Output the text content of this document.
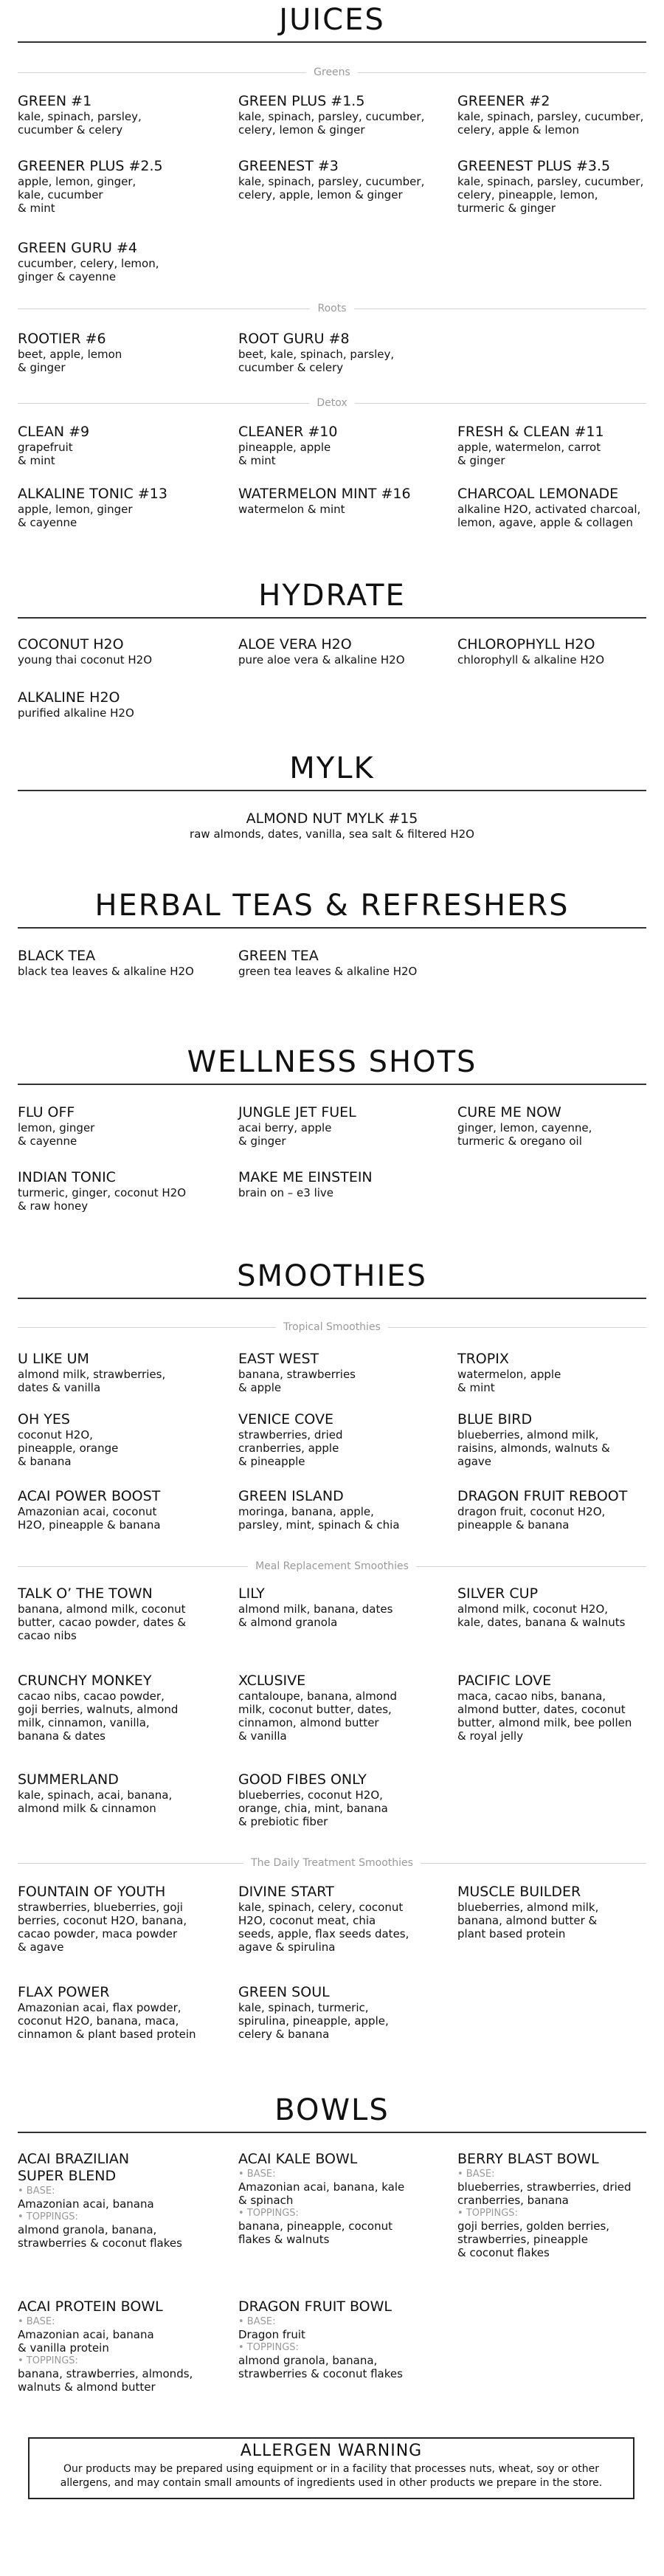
JUICES
Greens
GREEN #1
kale, spinach, parsley,
cucumber & celery
GREEN PLUS #1.5
kale, spinach, parsley, cucumber,
celery, lemon & ginger
GREENER #2
kale, spinach, parsley, cucumber,
celery, apple & lemon
GREENER PLUS #2.5
apple, lemon, ginger,
kale, cucumber
& mint
GREENEST #3
kale, spinach, parsley, cucumber,
celery, apple, lemon & ginger
GREENEST PLUS #3.5
kale, spinach, parsley, cucumber,
celery, pineapple, lemon,
turmeric & ginger
GREEN GURU #4
cucumber, celery, lemon,
ginger & cayenne
Roots
ROOTIER #6
beet, apple, lemon
& ginger
ROOT GURU #8
beet, kale, spinach, parsley,
cucumber & celery
Detox
CLEAN #9
grapefruit
& mint
CLEANER #10
pineapple, apple
& mint
FRESH & CLEAN #11
apple, watermelon, carrot
& ginger
ALKALINE TONIC #13
apple, lemon, ginger
& cayenne
WATERMELON MINT #16
watermelon & mint
CHARCOAL LEMONADE
alkaline H2O, activated charcoal,
lemon, agave, apple & collagen
HYDRATE
COCONUT H2O
young thai coconut H2O
ALOE VERA H2O
pure aloe vera & alkaline H2O
CHLOROPHYLL H2O
chlorophyll & alkaline H2O
ALKALINE H2O
purified alkaline H2O
MYLK
ALMOND NUT MYLK #15
raw almonds, dates, vanilla, sea salt & filtered H2O
HERBAL TEAS & REFRESHERS
BLACK TEA
black tea leaves & alkaline H2O
GREEN TEA
green tea leaves & alkaline H2O
WELLNESS SHOTS
FLU OFF
lemon, ginger
& cayenne
JUNGLE JET FUEL
acai berry, apple
& ginger
CURE ME NOW
ginger, lemon, cayenne,
turmeric & oregano oil
INDIAN TONIC
turmeric, ginger, coconut H2O
& raw honey
MAKE ME EINSTEIN
brain on – e3 live
SMOOTHIES
Tropical Smoothies
U LIKE UM
almond milk, strawberries,
dates & vanilla
EAST WEST
banana, strawberries
& apple
TROPIX
watermelon, apple
& mint
OH YES
coconut H2O,
pineapple, orange
& banana
VENICE COVE
strawberries, dried
cranberries, apple
& pineapple
BLUE BIRD
blueberries, almond milk,
raisins, almonds, walnuts &
agave
ACAI POWER BOOST
Amazonian acai, coconut
H2O, pineapple & banana
GREEN ISLAND
moringa, banana, apple,
parsley, mint, spinach & chia
DRAGON FRUIT REBOOT
dragon fruit, coconut H2O,
pineapple & banana
Meal Replacement Smoothies
TALK O’ THE TOWN
banana, almond milk, coconut
butter, cacao powder, dates &
cacao nibs
LILY
almond milk, banana, dates
& almond granola
SILVER CUP
almond milk, coconut H2O,
kale, dates, banana & walnuts
CRUNCHY MONKEY
cacao nibs, cacao powder,
goji berries, walnuts, almond
milk, cinnamon, vanilla,
banana & dates
XCLUSIVE
cantaloupe, banana, almond
milk, coconut butter, dates,
cinnamon, almond butter
& vanilla
PACIFIC LOVE
maca, cacao nibs, banana,
almond butter, dates, coconut
butter, almond milk, bee pollen
& royal jelly
SUMMERLAND
kale, spinach, acai, banana,
almond milk & cinnamon
GOOD FIBES ONLY
blueberries, coconut H2O,
orange, chia, mint, banana
& prebiotic fiber
The Daily Treatment Smoothies
FOUNTAIN OF YOUTH
strawberries, blueberries, goji
berries, coconut H2O, banana,
cacao powder, maca powder
& agave
DIVINE START
kale, spinach, celery, coconut
H2O, coconut meat, chia
seeds, apple, flax seeds dates,
agave & spirulina
MUSCLE BUILDER
blueberries, almond milk,
banana, almond butter &
plant based protein
FLAX POWER
Amazonian acai, flax powder,
coconut H2O, banana, maca,
cinnamon & plant based protein
GREEN SOUL
kale, spinach, turmeric,
spirulina, pineapple, apple,
celery & banana
BOWLS
ACAI BRAZILIAN
SUPER BLEND
• BASE:
Amazonian acai, banana
• TOPPINGS:
almond granola, banana,
strawberries & coconut flakes
ACAI KALE BOWL
• BASE:
Amazonian acai, banana, kale
& spinach
• TOPPINGS:
banana, pineapple, coconut
flakes & walnuts
BERRY BLAST BOWL
• BASE:
blueberries, strawberries, dried
cranberries, banana
• TOPPINGS:
goji berries, golden berries,
strawberries, pineapple
& coconut flakes
ACAI PROTEIN BOWL
• BASE:
Amazonian acai, banana
& vanilla protein
• TOPPINGS:
banana, strawberries, almonds,
walnuts & almond butter
DRAGON FRUIT BOWL
• BASE:
Dragon fruit
• TOPPINGS:
almond granola, banana,
strawberries & coconut flakes
ALLERGEN WARNING
Our products may be prepared using equipment or in a facility that processes nuts, wheat, soy or other allergens, and may contain small amounts of ingredients used in other products we prepare in the store.
